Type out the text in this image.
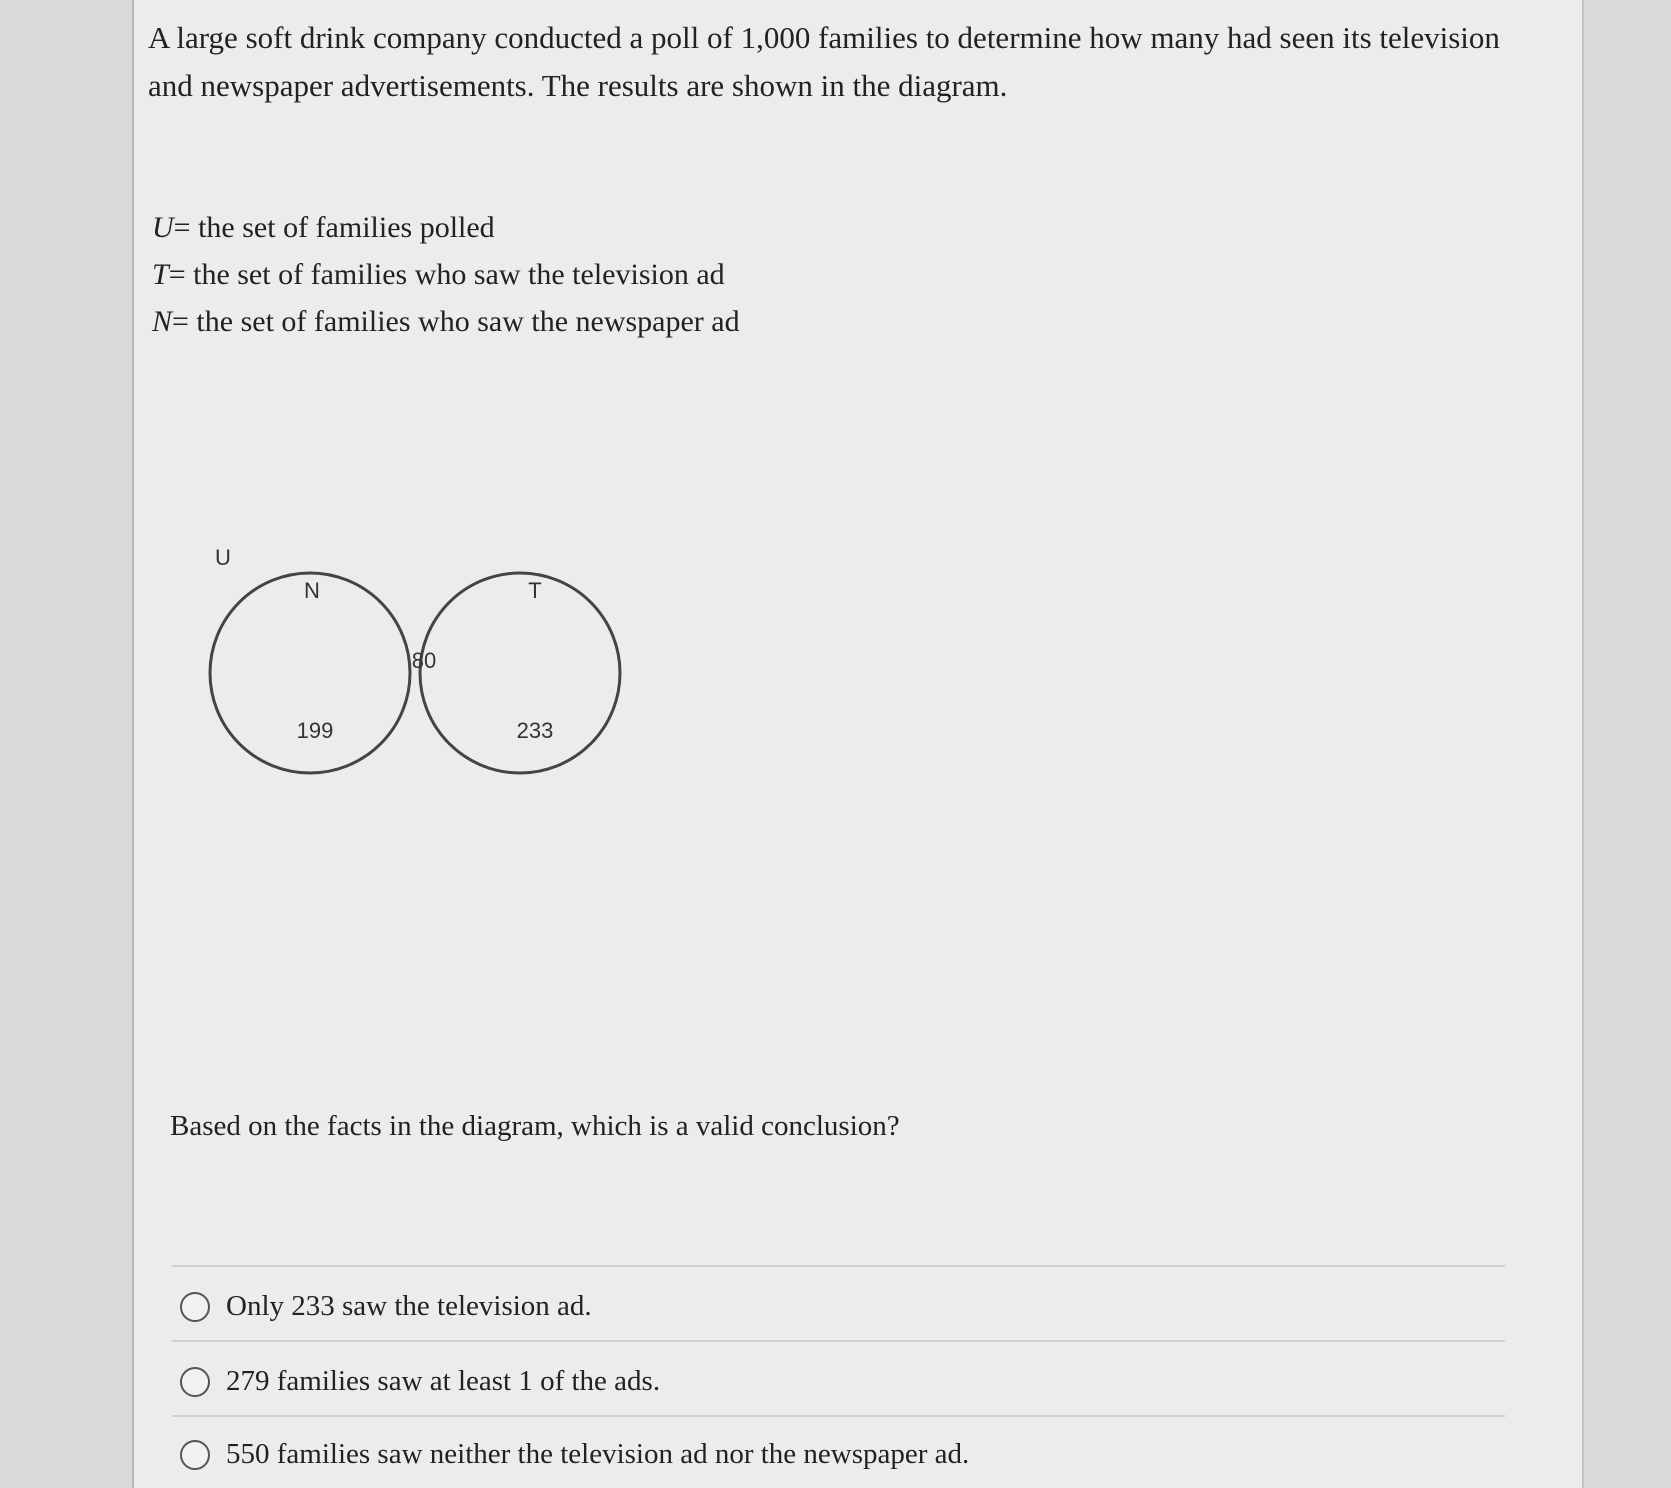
A large soft drink company conducted a poll of 1,000 families to determine how many had seen its television and newspaper advertisements. The results are shown in the diagram.

U= the set of families polled
T= the set of families who saw the television ad
N= the set of families who saw the newspaper ad
U
N	T
80
199	233

Based on the facts in the diagram, which is a valid conclusion?

Only 233 saw the television ad.
279 families saw at least 1 of the ads.
550 families saw neither the television ad nor the newspaper ad.
